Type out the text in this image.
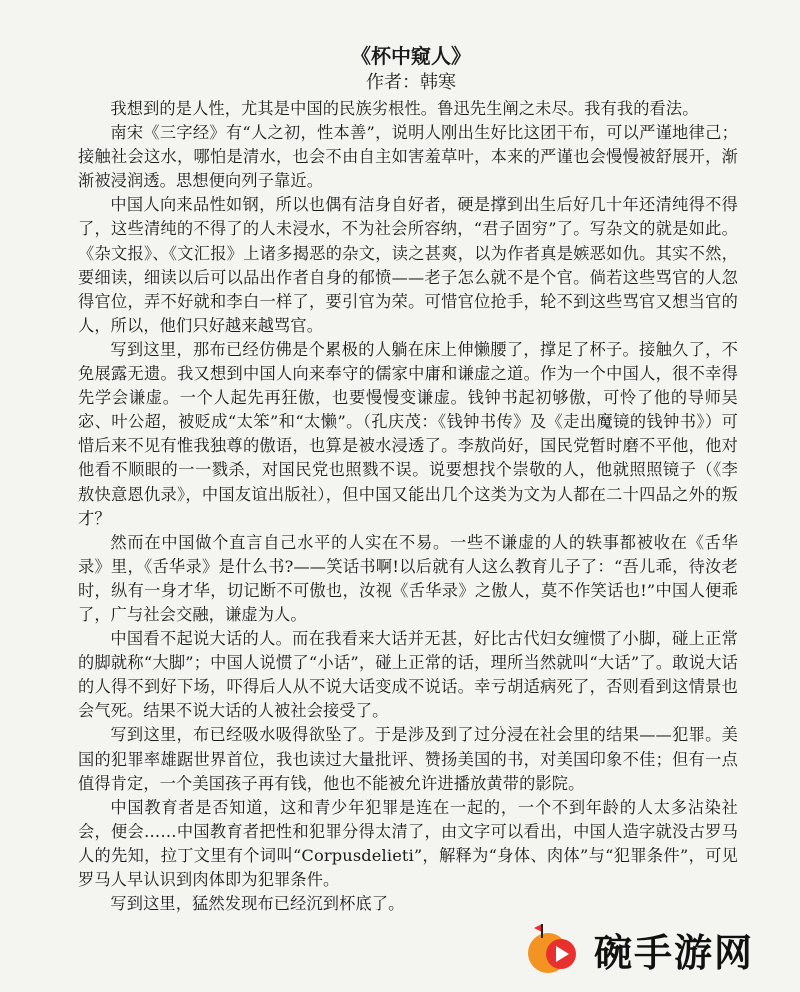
《杯中窥人》
作者：韩寒

我想到的是人性，尤其是中国的民族劣根性。鲁迅先生阐之未尽。我有我的看法。

南宋《三字经》有“人之初，性本善”，说明人刚出生好比这团干布，可以严谨地律己；接触社会这水，哪怕是清水，也会不由自主如害羞草叶，本来的严谨也会慢慢被舒展开，渐渐被浸润透。思想便向列子靠近。

中国人向来品性如钢，所以也偶有洁身自好者，硬是撑到出生后好几十年还清纯得不得了，这些清纯的不得了的人未浸水，不为社会所容纳，“君子固穷”了。写杂文的就是如此。《杂文报》、《文汇报》上诸多揭恶的杂文，读之甚爽，以为作者真是嫉恶如仇。其实不然，要细读，细读以后可以品出作者自身的郁愤——老子怎么就不是个官。倘若这些骂官的人忽得官位，弄不好就和李白一样了，要引官为荣。可惜官位抢手，轮不到这些骂官又想当官的人，所以，他们只好越来越骂官。

写到这里，那布已经仿佛是个累极的人躺在床上伸懒腰了，撑足了杯子。接触久了，不免展露无遗。我又想到中国人向来奉守的儒家中庸和谦虚之道。作为一个中国人，很不幸得先学会谦虚。一个人起先再狂傲，也要慢慢变谦虚。钱钟书起初够傲，可怜了他的导师吴宓、叶公超，被贬成“太笨”和“太懒”。（孔庆茂：《钱钟书传》及《走出魔镜的钱钟书》）可惜后来不见有惟我独尊的傲语，也算是被水浸透了。李敖尚好，国民党暂时磨不平他，他对他看不顺眼的一一戮杀，对国民党也照戮不误。说要想找个崇敬的人，他就照照镜子（《李敖快意恩仇录》，中国友谊出版社），但中国又能出几个这类为文为人都在二十四品之外的叛才？

然而在中国做个直言自己水平的人实在不易。一些不谦虚的人的轶事都被收在《舌华录》里，《舌华录》是什么书?——笑话书啊!以后就有人这么教育儿子了：“吾儿乖，待汝老时，纵有一身才华，切记断不可傲也，汝视《舌华录》之傲人，莫不作笑话也!”中国人便乖了，广与社会交融，谦虚为人。

中国看不起说大话的人。而在我看来大话并无甚，好比古代妇女缠惯了小脚，碰上正常的脚就称“大脚”；中国人说惯了“小话”，碰上正常的话，理所当然就叫“大话”了。敢说大话的人得不到好下场，吓得后人从不说大话变成不说话。幸亏胡适病死了，否则看到这情景也会气死。结果不说大话的人被社会接受了。

写到这里，布已经吸水吸得欲坠了。于是涉及到了过分浸在社会里的结果——犯罪。美国的犯罪率雄踞世界首位，我也读过大量批评、赞扬美国的书，对美国印象不佳；但有一点值得肯定，一个美国孩子再有钱，他也不能被允许进播放黄带的影院。

中国教育者是否知道，这和青少年犯罪是连在一起的，一个不到年龄的人太多沾染社会，便会……中国教育者把性和犯罪分得太清了，由文字可以看出，中国人造字就没古罗马人的先知，拉丁文里有个词叫“Corpusdelieti”，解释为“身体、肉体”与“犯罪条件”，可见罗马人早认识到肉体即为犯罪条件。

写到这里，猛然发现布已经沉到杯底了。

碗手游网
